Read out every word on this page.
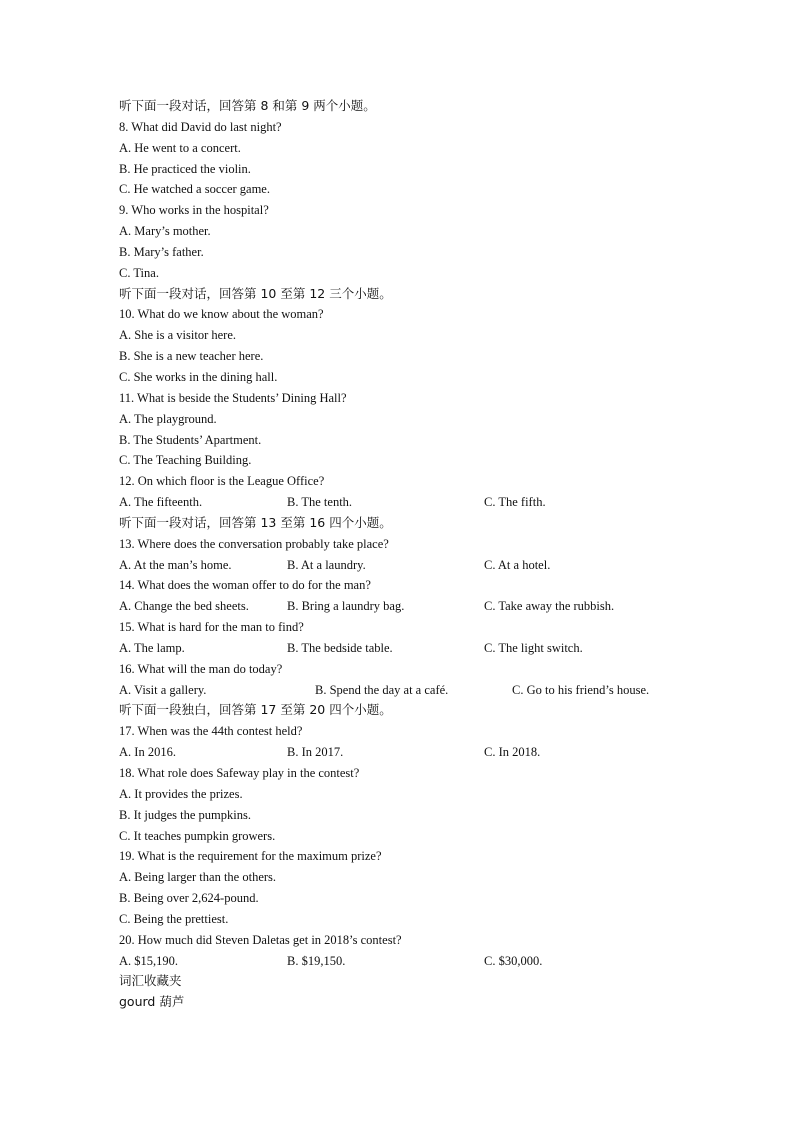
听下面一段对话，回答第 8 和第 9 两个小题。
8. What did David do last night?
A. He went to a concert.
B. He practiced the violin.
C. He watched a soccer game.
9. Who works in the hospital?
A. Mary’s mother.
B. Mary’s father.
C. Tina.
听下面一段对话，回答第 10 至第 12 三个小题。
10. What do we know about the woman?
A. She is a visitor here.
B. She is a new teacher here.
C. She works in the dining hall.
11. What is beside the Students’ Dining Hall?
A. The playground.
B. The Students’ Apartment.
C. The Teaching Building.
12. On which floor is the League Office?
A. The fifteenth.	B. The tenth.	C. The fifth.
听下面一段对话，回答第 13 至第 16 四个小题。
13. Where does the conversation probably take place?
A. At the man’s home.	B. At a laundry.	C. At a hotel.
14. What does the woman offer to do for the man?
A. Change the bed sheets.	B. Bring a laundry bag.	C. Take away the rubbish.
15. What is hard for the man to find?
A. The lamp.	B. The bedside table.	C. The light switch.
16. What will the man do today?
A. Visit a gallery.	B. Spend the day at a café.	C. Go to his friend’s house.
听下面一段独白，回答第 17 至第 20 四个小题。
17. When was the 44th contest held?
A. In 2016.	B. In 2017.	C. In 2018.
18. What role does Safeway play in the contest?
A. It provides the prizes.
B. It judges the pumpkins.
C. It teaches pumpkin growers.
19. What is the requirement for the maximum prize?
A. Being larger than the others.
B. Being over 2,624-pound.
C. Being the prettiest.
20. How much did Steven Daletas get in 2018’s contest?
A. $15,190.	B. $19,150.	C. $30,000.
词汇收藏夹
gourd 葫芦
